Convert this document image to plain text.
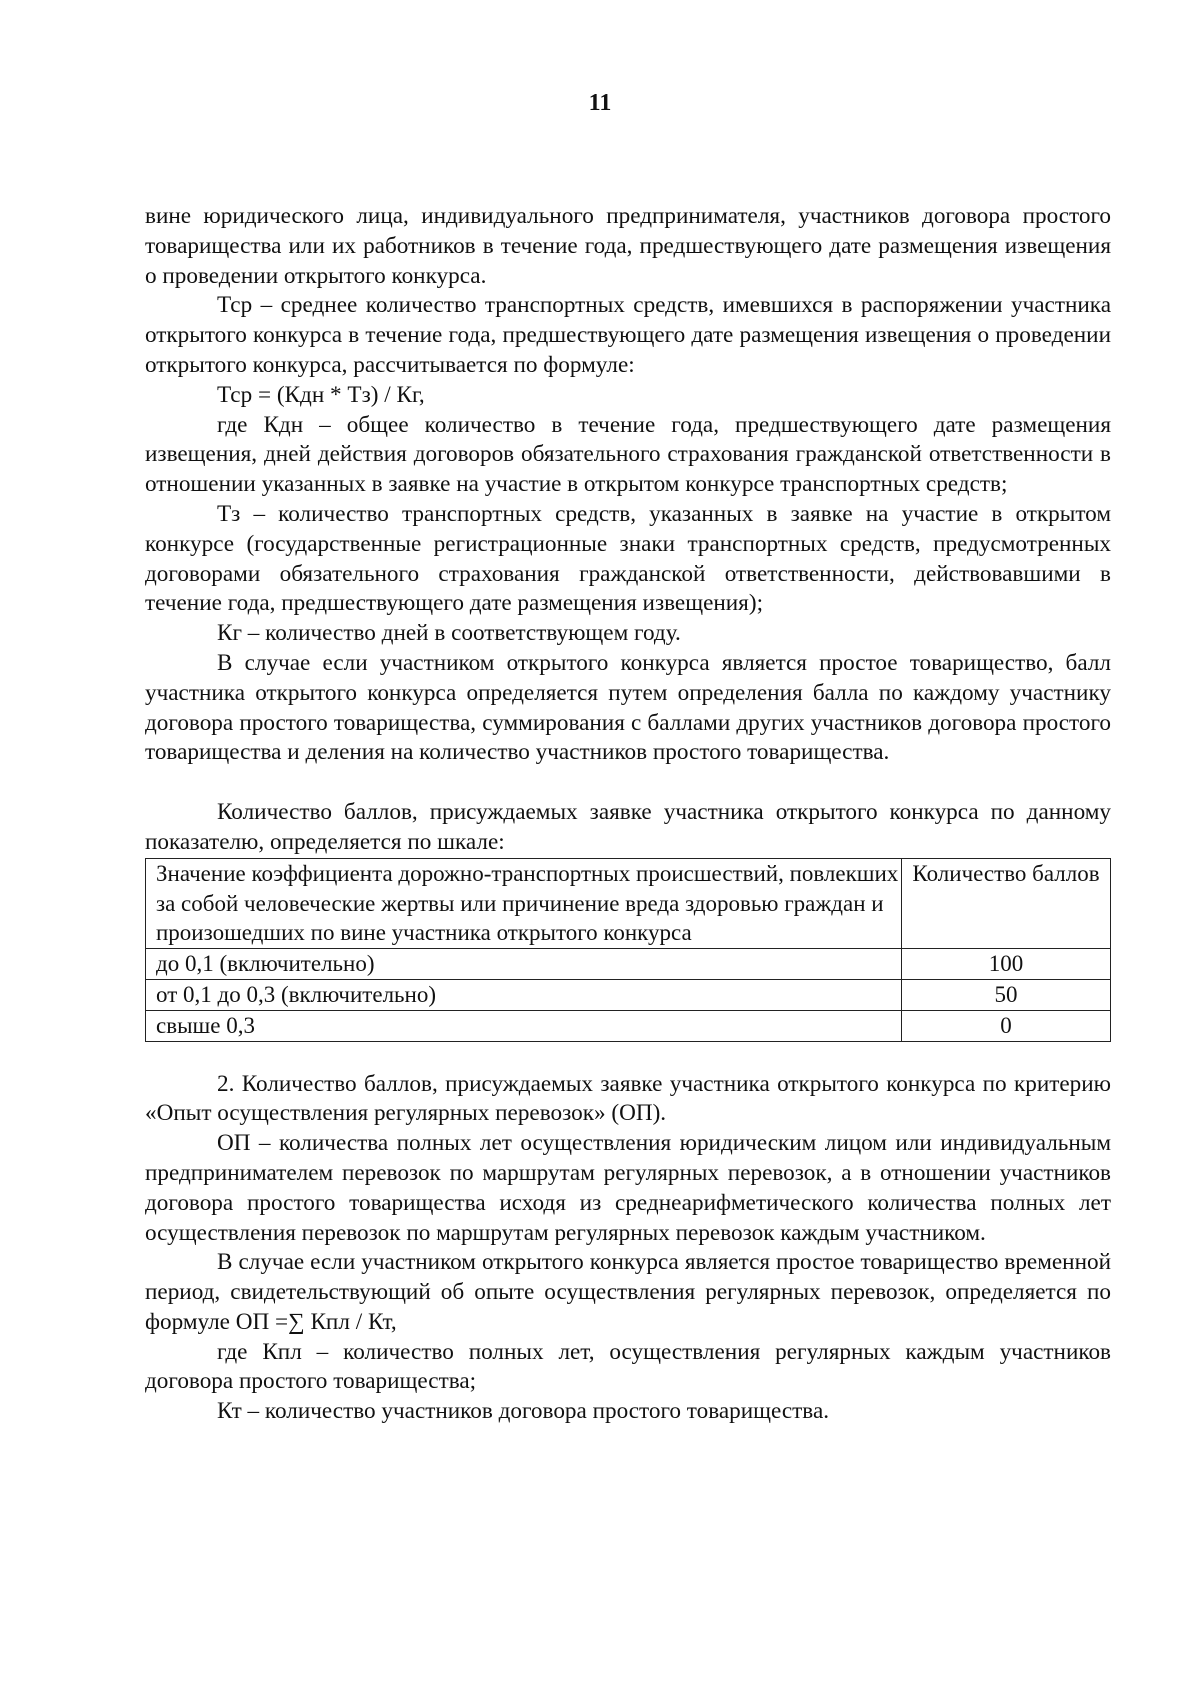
11

вине юридического лица, индивидуального предпринимателя, участников договора простого товарищества или их работников в течение года, предшествующего дате размещения извещения о проведении открытого конкурса.

Тср – среднее количество транспортных средств, имевшихся в распоряжении участника открытого конкурса в течение года, предшествующего дате размещения извещения о проведении открытого конкурса, рассчитывается по формуле:

Тср = (Кдн * Тз) / Кг,

где Кдн – общее количество в течение года, предшествующего дате размещения извещения, дней действия договоров обязательного страхования гражданской ответственности в отношении указанных в заявке на участие в открытом конкурсе транспортных средств;

Тз – количество транспортных средств, указанных в заявке на участие в открытом конкурсе (государственные регистрационные знаки транспортных средств, предусмотренных договорами обязательного страхования гражданской ответственности, действовавшими в течение года, предшествующего дате размещения извещения);

Кг – количество дней в соответствующем году.

В случае если участником открытого конкурса является простое товарищество, балл участника открытого конкурса определяется путем определения балла по каждому участнику договора простого товарищества, суммирования с баллами других участников договора простого товарищества и деления на количество участников простого товарищества.

Количество баллов, присуждаемых заявке участника открытого конкурса по данному показателю, определяется по шкале:

Значение коэффициента дорожно-транспортных происшествий, повлекших за собой человеческие жертвы или причинение вреда здоровью граждан и произошедших по вине участника открытого конкурса	Количество баллов
до 0,1 (включительно)	100
от 0,1 до 0,3 (включительно)	50
свыше 0,3	0

2. Количество баллов, присуждаемых заявке участника открытого конкурса по критерию «Опыт осуществления регулярных перевозок» (ОП).

ОП – количества полных лет осуществления юридическим лицом или индивидуальным предпринимателем перевозок по маршрутам регулярных перевозок, а в отношении участников договора простого товарищества исходя из среднеарифметического количества полных лет осуществления перевозок по маршрутам регулярных перевозок каждым участником.

В случае если участником открытого конкурса является простое товарищество временной период, свидетельствующий об опыте осуществления регулярных перевозок, определяется по формуле ОП =∑ Кпл / Кт,

где Кпл – количество полных лет, осуществления регулярных каждым участников договора простого товарищества;

Кт – количество участников договора простого товарищества.
